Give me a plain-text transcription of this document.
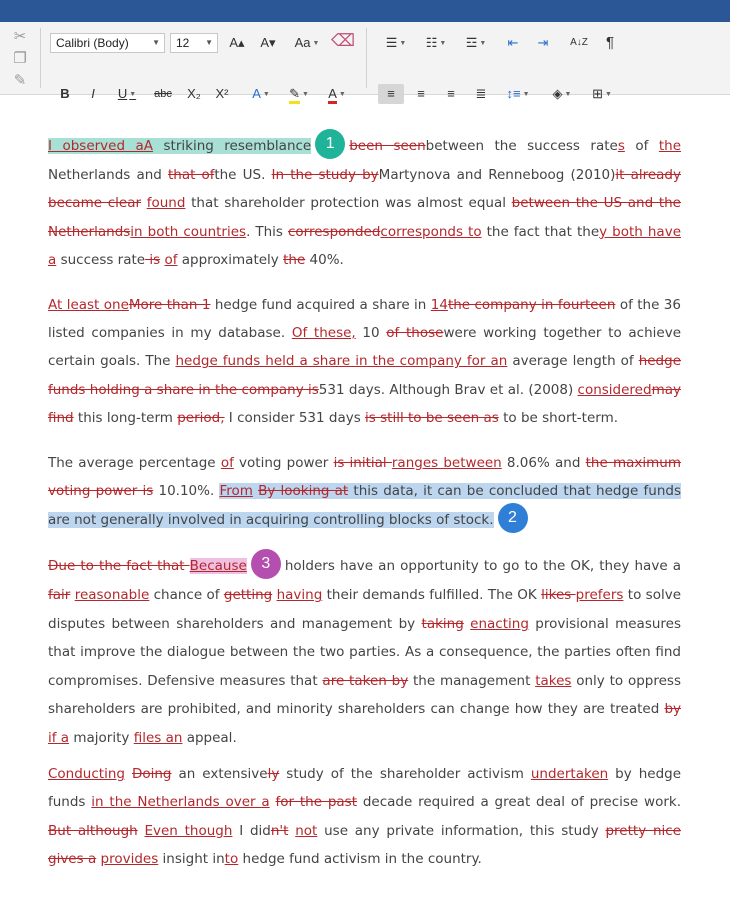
✂
❐
✎
Calibri (Body)	▼	12 ▼	A▴	A▾	Aa ▼ ⌫
B	I	U ▼	abc	X₂	X²	A ▼	✎ ▼	A ▼
☰ ▼	☷ ▼	☲ ▼	⇤	⇥	A↓Z	¶
≡	≡	≡	≣	↕≡ ▼	◈ ▼	⊞ ▼

I observed aA striking resemblance 1 been seenbetween the success rates of the Netherlands and that ofthe US. In the study byMartynova and Renneboog (2010)it already became clear found that shareholder protection was almost equal between the US and the Netherlandsin both countries. This correspondedcorresponds to the fact that they both have a success rate is of approximately the 40%.

At least oneMore than 1 hedge fund acquired a share in 14the company in fourteen of the 36 listed companies in my database. Of these, 10 of thosewere working together to achieve certain goals. The hedge funds held a share in the company for an average length of hedge funds holding a share in the company is531 days. Although Brav et al. (2008) consideredmay find this long-term period, I consider 531 days is still to be seen as to be short-term.

The average percentage of voting power is initial ranges between 8.06% and the maximum voting power is 10.10%. From By looking at this data, it can be concluded that hedge funds are not generally involved in acquiring controlling blocks of stock. 2

Due to the fact that Because 3 holders have an opportunity to go to the OK, they have a fair reasonable chance of getting having their demands fulfilled. The OK likes prefers to solve disputes between shareholders and management by taking enacting provisional measures that improve the dialogue between the two parties. As a consequence, the parties often find compromises. Defensive measures that are taken by the management takes only to oppress shareholders are prohibited, and minority shareholders can change how they are treated by if a majority files an appeal.

Conducting Doing an extensively study of the shareholder activism undertaken by hedge funds in the Netherlands over a for the past decade required a great deal of precise work. But although Even though I didn't not use any private information, this study pretty nice gives a provides insight into hedge fund activism in the country.
